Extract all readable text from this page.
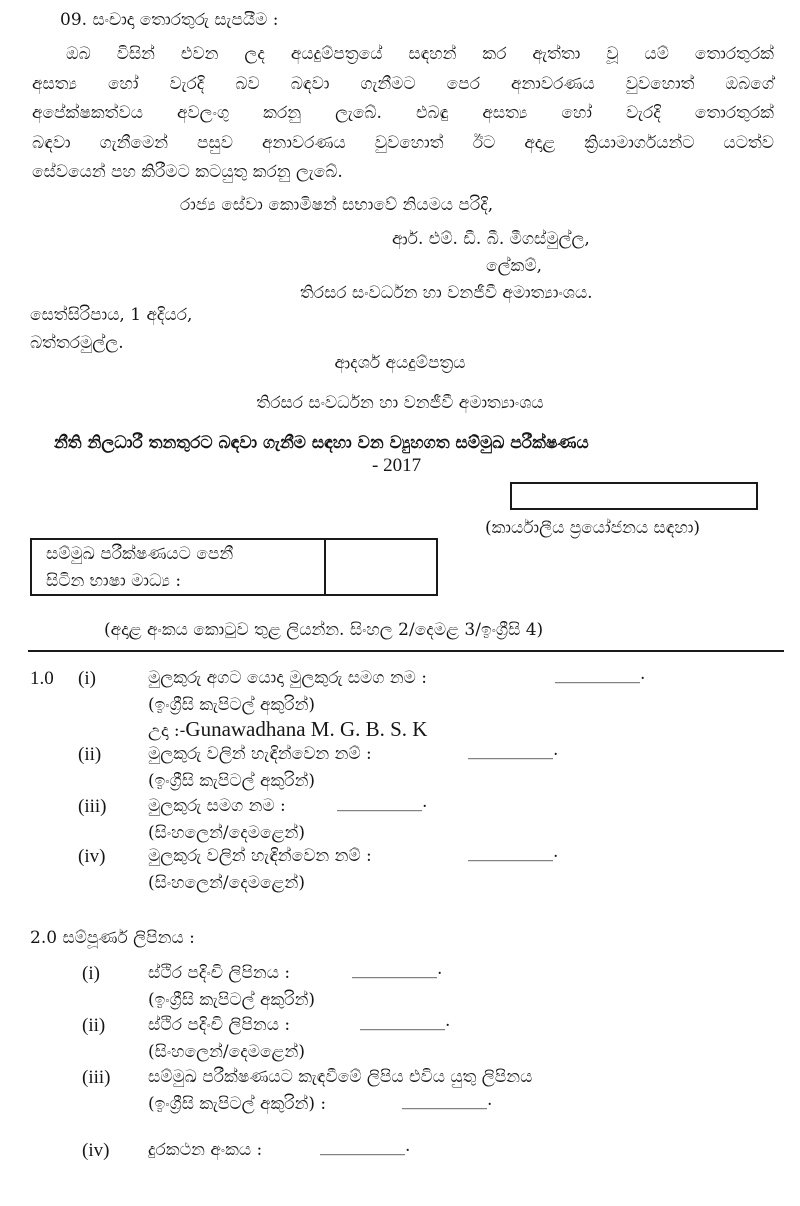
09. සංචාදා තොරතුරු සැපයීම :
ඔබ විසින් එවන ලද අයදුම්පත්‍රයේ සඳහන් කර ඇත්තා වූ යම් තොරතුරක්
අසත්‍ය හෝ වැරදි බව බඳවා ගැනීමට පෙර අනාවරණය වුවහොත් ඔබගේ
අපේක්ෂකත්වය අවලංගු කරනු ලැබේ. එබඳු අසත්‍ය හෝ වැරදි තොරතුරක්
බඳවා ගැනීමෙන් පසුව අනාවරණය වුවහොත් ඊට අදාළ ක්‍රියාමාර්ගයන්ට යටත්ව
සේවයෙන් පහ කිරීමට කටයුතු කරනු ලැබේ.
රාජ්‍ය සේවා කොමිෂන් සභාවේ නියමය පරිදි,
ආර්. එම්. ඩී. බී. මීගස්මුල්ල,
ලේකම්,
තිරසර සංවර්ධන හා වනජීවී අමාත්‍යාංශය.
සෙත්සිරිපාය, 1 අදියර,
බත්තරමුල්ල.
ආදර්ශ අයදුම්පත්‍රය
තිරසර සංවර්ධන හා වනජීවී අමාත්‍යාංශය
නීති නිලධාරී තනතුරට බඳවා ගැනීම සඳහා වන ව්‍යුහගත සම්මුඛ පරීක්ෂණය
- 2017
(කාර්යාලීය ප්‍රයෝජනය සඳහා)
සම්මුඛ පරීක්ෂණයට පෙනී
සිටින භාෂා මාධ්‍ය :
(අදාළ අංකය කොටුව තුළ ලියන්න. සිංහල 2/දෙමළ 3/ඉංග්‍රීසි 4)
1.0 (i)	මුලකුරු අගට යොදා මුලකුරු සමග නම :	__________.
(ඉංග්‍රීසි කැපිටල් අකුරින්)
උදා :-Gunawadhana M. G. B. S. K
(ii)	මුලකුරු වලින් හැඳින්වෙන නම් :	__________.
(ඉංග්‍රීසි කැපිටල් අකුරින්)
(iii) මුලකුරු සමග නම :	__________.
(සිංහලෙන්/දෙමළෙන්)
(iv)	මුලකුරු වලින් හැඳින්වෙන නම් :	__________.
(සිංහලෙන්/දෙමළෙන්)
2.0 සම්පූර්ණ ලිපිනය :
(i)	ස්ථිර පදිංචි ලිපිනය :	__________.
(ඉංග්‍රීසි කැපිටල් අකුරින්)
(ii)	ස්ථිර පදිංචි ලිපිනය :	__________.
(සිංහලෙන්/දෙමළෙන්)
(iii) සම්මුඛ පරීක්ෂණයට කැඳවීමේ ලිපිය එවිය යුතු ලිපිනය
(ඉංග්‍රීසි කැපිටල් අකුරින්) :	__________.
(iv) දුරකථන අංකය :	__________.
